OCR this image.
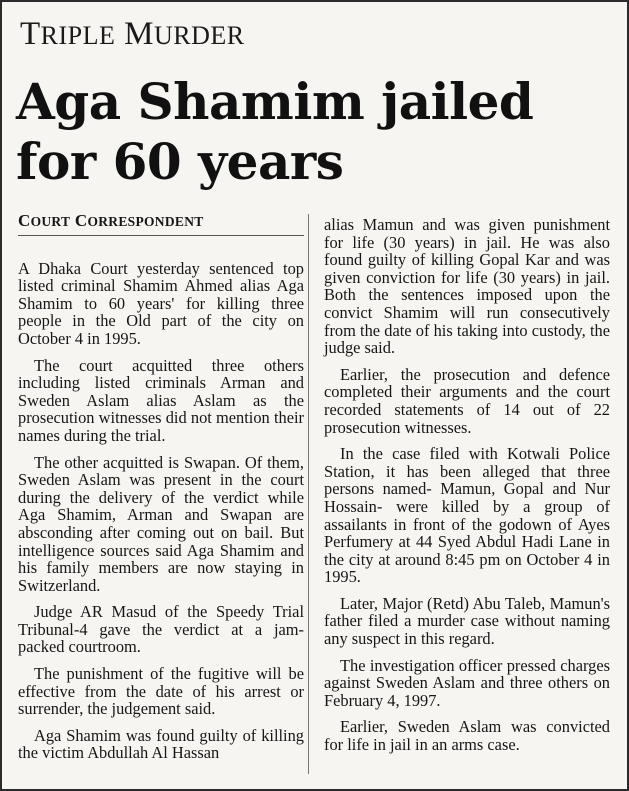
TRIPLE MURDER
Aga Shamim jailed for 60 years
COURT CORRESPONDENT

A Dhaka Court yesterday sentenced top listed criminal Shamim Ahmed alias Aga Shamim to 60 years' for killing three people in the Old part of the city on October 4 in 1995.

The court acquitted three others including listed criminals Arman and Sweden Aslam alias Aslam as the prosecution witnesses did not mention their names during the trial.

The other acquitted is Swapan. Of them, Sweden Aslam was present in the court during the delivery of the verdict while Aga Shamim, Arman and Swapan are absconding after coming out on bail. But intelligence sources said Aga Shamim and his family members are now staying in Switzerland.

Judge AR Masud of the Speedy Trial Tribunal-4 gave the verdict at a jam-packed courtroom.

The punishment of the fugitive will be effective from the date of his arrest or surrender, the judgement said.

Aga Shamim was found guilty of killing the victim Abdullah Al Hassan

alias Mamun and was given punishment for life (30 years) in jail. He was also found guilty of killing Gopal Kar and was given conviction for life (30 years) in jail. Both the sentences imposed upon the convict Shamim will run consecutively from the date of his taking into custody, the judge said.

Earlier, the prosecution and defence completed their arguments and the court recorded statements of 14 out of 22 prosecution witnesses.

In the case filed with Kotwali Police Station, it has been alleged that three persons named- Mamun, Gopal and Nur Hossain- were killed by a group of assailants in front of the godown of Ayes Perfumery at 44 Syed Abdul Hadi Lane in the city at around 8:45 pm on October 4 in 1995.

Later, Major (Retd) Abu Taleb, Mamun's father filed a murder case without naming any suspect in this regard.

The investigation officer pressed charges against Sweden Aslam and three others on February 4, 1997.

Earlier, Sweden Aslam was convicted for life in jail in an arms case.
